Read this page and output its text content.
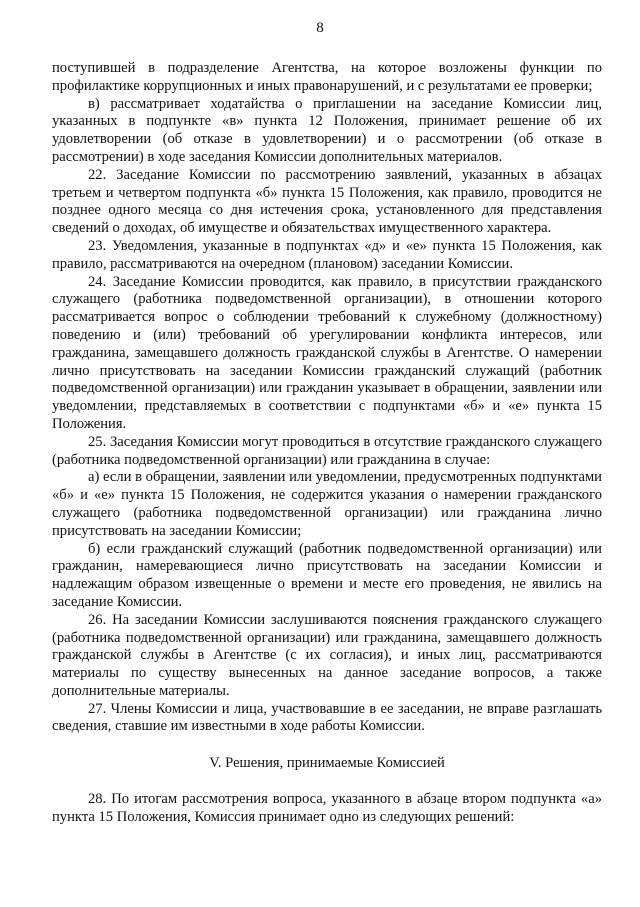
8

поступившей в подразделение Агентства, на которое возложены функции по профилактике коррупционных и иных правонарушений, и с результатами ее проверки;

в) рассматривает ходатайства о приглашении на заседание Комиссии лиц, указанных в подпункте «в» пункта 12 Положения, принимает решение об их удовлетворении (об отказе в удовлетворении) и о рассмотрении (об отказе в рассмотрении) в ходе заседания Комиссии дополнительных материалов.

22. Заседание Комиссии по рассмотрению заявлений, указанных в абзацах третьем и четвертом подпункта «б» пункта 15 Положения, как правило, проводится не позднее одного месяца со дня истечения срока, установленного для представления сведений о доходах, об имуществе и обязательствах имущественного характера.

23. Уведомления, указанные в подпунктах «д» и «е» пункта 15 Положения, как правило, рассматриваются на очередном (плановом) заседании Комиссии.

24. Заседание Комиссии проводится, как правило, в присутствии гражданского служащего (работника подведомственной организации), в отношении которого рассматривается вопрос о соблюдении требований к служебному (должностному) поведению и (или) требований об урегулировании конфликта интересов, или гражданина, замещавшего должность гражданской службы в Агентстве. О намерении лично присутствовать на заседании Комиссии гражданский служащий (работник подведомственной организации) или гражданин указывает в обращении, заявлении или уведомлении, представляемых в соответствии с подпунктами «б» и «е» пункта 15 Положения.

25. Заседания Комиссии могут проводиться в отсутствие гражданского служащего (работника подведомственной организации) или гражданина в случае:

а) если в обращении, заявлении или уведомлении, предусмотренных подпунктами «б» и «е» пункта 15 Положения, не содержится указания о намерении гражданского служащего (работника подведомственной организации) или гражданина лично присутствовать на заседании Комиссии;

б) если гражданский служащий (работник подведомственной организации) или гражданин, намеревающиеся лично присутствовать на заседании Комиссии и надлежащим образом извещенные о времени и месте его проведения, не явились на заседание Комиссии.

26. На заседании Комиссии заслушиваются пояснения гражданского служащего (работника подведомственной организации) или гражданина, замещавшего должность гражданской службы в Агентстве (с их согласия), и иных лиц, рассматриваются материалы по существу вынесенных на данное заседание вопросов, а также дополнительные материалы.

27. Члены Комиссии и лица, участвовавшие в ее заседании, не вправе разглашать сведения, ставшие им известными в ходе работы Комиссии.

V. Решения, принимаемые Комиссией

28. По итогам рассмотрения вопроса, указанного в абзаце втором подпункта «а» пункта 15 Положения, Комиссия принимает одно из следующих решений:
